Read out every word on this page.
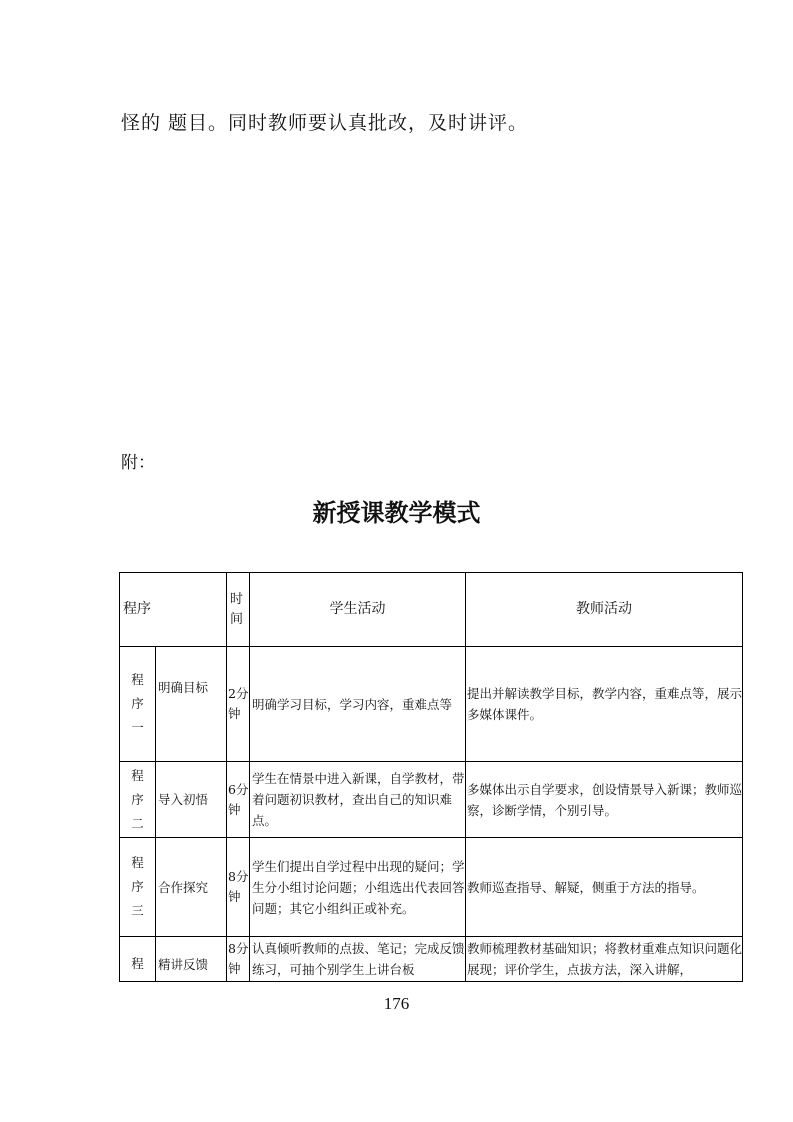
怪的 题目。同时教师要认真批改，及时讲评。
附：
新授课教学模式
程序		时间	学生活动	教师活动

程
序
一	明确目标	2分钟	明确学习目标，学习内容，重难点等	提出并解读教学目标，教学内容，重难点等，展示多媒体课件。

程
序
二	导入初悟	6分钟	学生在情景中进入新课，自学教材，带着问题初识教材，查出自己的知识难点。	多媒体出示自学要求，创设情景导入新课；教师巡察，诊断学情，个别引导。

程
序
三	合作探究	8分钟	学生们提出自学过程中出现的疑问；学生分小组讨论问题；小组选出代表回答问题；其它小组纠正或补充。	教师巡查指导、解疑，侧重于方法的指导。

程	精讲反馈	8分钟	认真倾听教师的点拔、笔记；完成反馈练习，可抽个别学生上讲台板	教师梳理教材基础知识；将教材重难点知识问题化展现；评价学生，点拔方法，深入讲解，
176
